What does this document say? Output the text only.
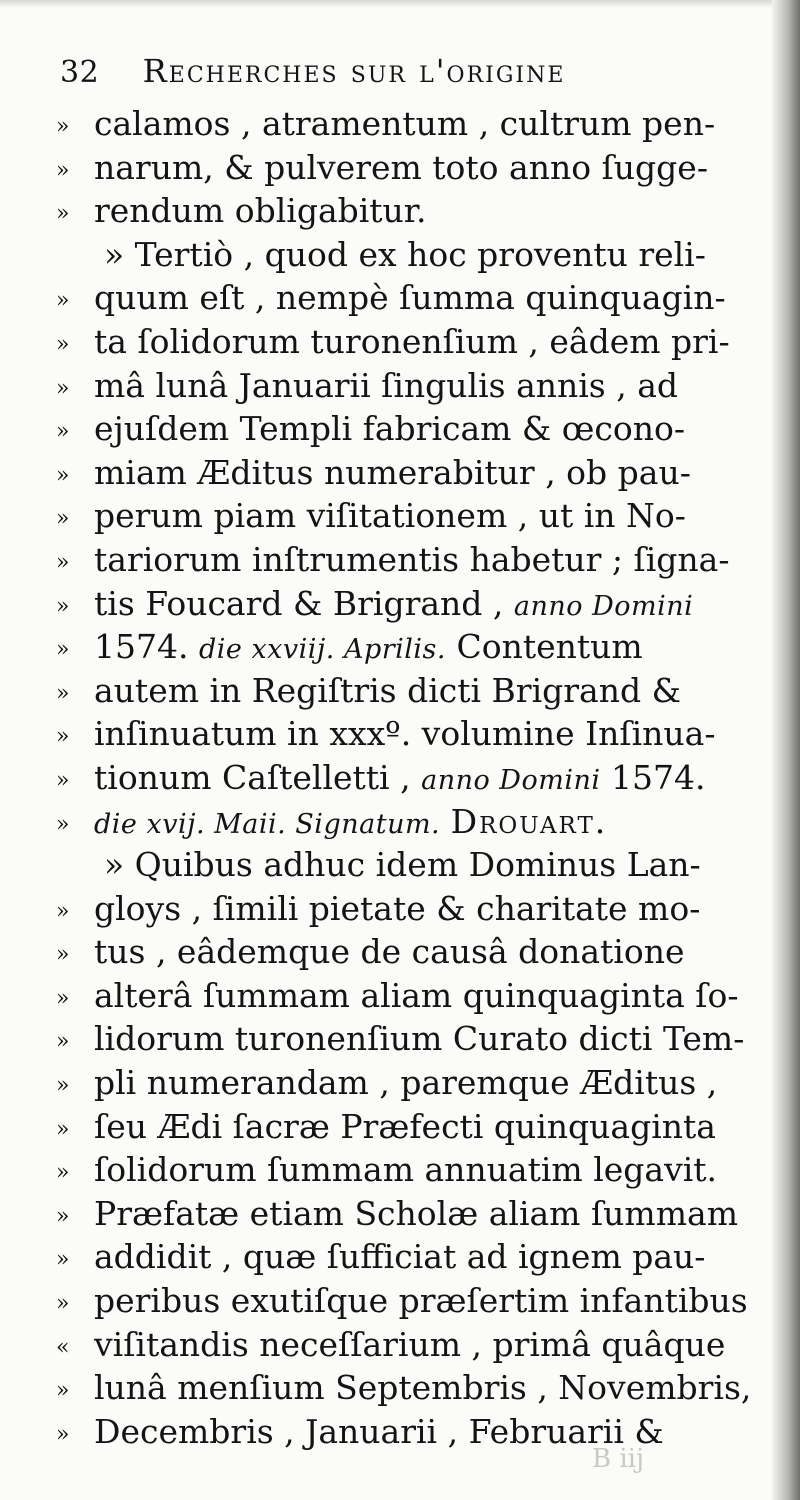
32 Recherches sur l'origine
» calamos , atramentum , cultrum pen-
» narum, & pulverem toto anno ſugge-
» rendum obligabitur.
» Tertiò , quod ex hoc proventu reli-
» quum eſt , nempè ſumma quinquagin-
» ta ſolidorum turonenſium , eâdem pri-
» mâ lunâ Januarii ſingulis annis , ad
» ejuſdem Templi fabricam & œcono-
» miam Æditus numerabitur , ob pau-
» perum piam viſitationem , ut in No-
» tariorum inſtrumentis habetur ; ſigna-
» tis Foucard & Brigrand , anno Domini
» 1574. die xxviij. Aprilis. Contentum
» autem in Regiſtris dicti Brigrand &
» inſinuatum in xxxº. volumine Inſinua-
» tionum Caſtelletti , anno Domini 1574.
» die xvij. Maii. Signatum. Drouart.
» Quibus adhuc idem Dominus Lan-
» gloys , ſimili pietate & charitate mo-
» tus , eâdemque de causâ donatione
» alterâ ſummam aliam quinquaginta ſo-
» lidorum turonenſium Curato dicti Tem-
» pli numerandam , paremque Æditus ,
» ſeu Ædi ſacræ Præfecti quinquaginta
» ſolidorum ſummam annuatim legavit.
» Præfatæ etiam Scholæ aliam ſummam
» addidit , quæ ſufficiat ad ignem pau-
» peribus exutiſque præſertim infantibus
« viſitandis neceſſarium , primâ quâque
» lunâ menſium Septembris , Novembris,
» Decembris , Januarii , Februarii &
B iij
